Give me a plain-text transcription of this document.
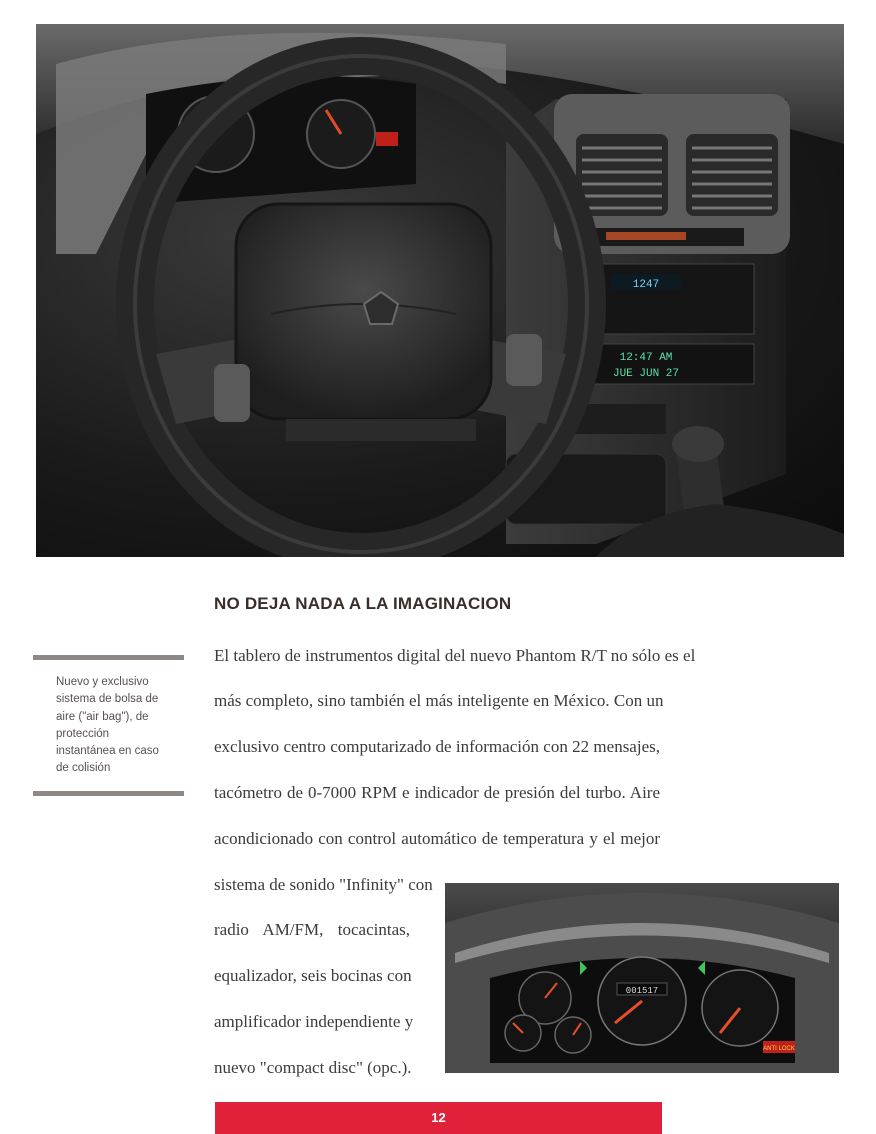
1247
12:47 AM
JUE JUN 27
NO DEJA NADA A LA IMAGINACION
El tablero de instrumentos digital del nuevo Phantom R/T no sólo es el
más completo, sino también el más inteligente en México. Con un
exclusivo centro computarizado de información con 22 mensajes,
tacómetro de 0-7000 RPM e indicador de presión del turbo. Aire
acondicionado con control automático de temperatura y el mejor
sistema de sonido "Infinity" con
radio AM/FM, tocacintas,
equalizador, seis bocinas con
amplificador independiente y
nuevo "compact disc" (opc.).
Nuevo y exclusivo
sistema de bolsa de
aire ("air bag"), de
protección
instantánea en caso
de colisión
001517
ANTI LOCK
12
